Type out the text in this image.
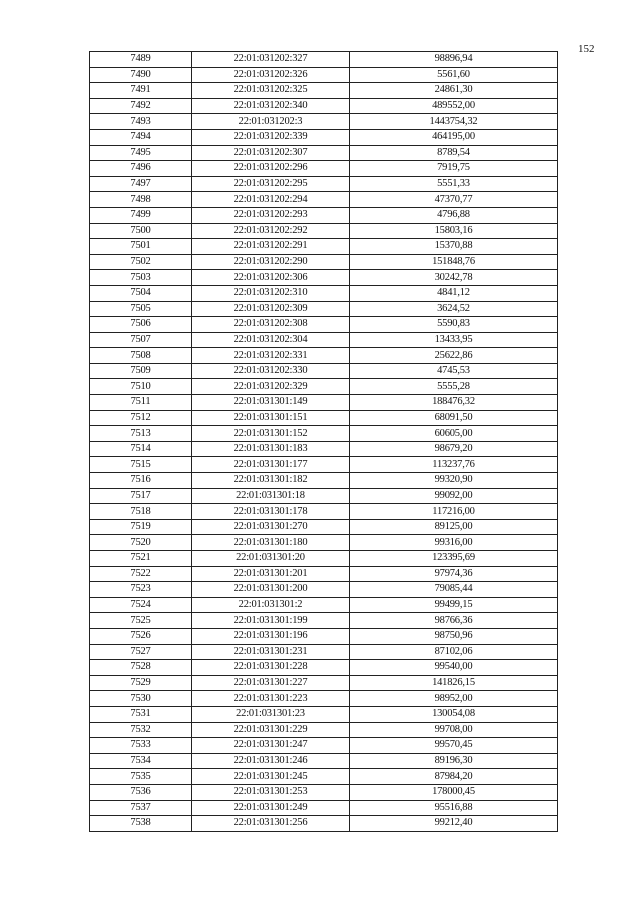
152
7489	22:01:031202:327	98896,94
7490	22:01:031202:326	5561,60
7491	22:01:031202:325	24861,30
7492	22:01:031202:340	489552,00
7493	22:01:031202:3	1443754,32
7494	22:01:031202:339	464195,00
7495	22:01:031202:307	8789,54
7496	22:01:031202:296	7919,75
7497	22:01:031202:295	5551,33
7498	22:01:031202:294	47370,77
7499	22:01:031202:293	4796,88
7500	22:01:031202:292	15803,16
7501	22:01:031202:291	15370,88
7502	22:01:031202:290	151848,76
7503	22:01:031202:306	30242,78
7504	22:01:031202:310	4841,12
7505	22:01:031202:309	3624,52
7506	22:01:031202:308	5590,83
7507	22:01:031202:304	13433,95
7508	22:01:031202:331	25622,86
7509	22:01:031202:330	4745,53
7510	22:01:031202:329	5555,28
7511	22:01:031301:149	188476,32
7512	22:01:031301:151	68091,50
7513	22:01:031301:152	60605,00
7514	22:01:031301:183	98679,20
7515	22:01:031301:177	113237,76
7516	22:01:031301:182	99320,90
7517	22:01:031301:18	99092,00
7518	22:01:031301:178	117216,00
7519	22:01:031301:270	89125,00
7520	22:01:031301:180	99316,00
7521	22:01:031301:20	123395,69
7522	22:01:031301:201	97974,36
7523	22:01:031301:200	79085,44
7524	22:01:031301:2	99499,15
7525	22:01:031301:199	98766,36
7526	22:01:031301:196	98750,96
7527	22:01:031301:231	87102,06
7528	22:01:031301:228	99540,00
7529	22:01:031301:227	141826,15
7530	22:01:031301:223	98952,00
7531	22:01:031301:23	130054,08
7532	22:01:031301:229	99708,00
7533	22:01:031301:247	99570,45
7534	22:01:031301:246	89196,30
7535	22:01:031301:245	87984,20
7536	22:01:031301:253	178000,45
7537	22:01:031301:249	95516,88
7538	22:01:031301:256	99212,40
